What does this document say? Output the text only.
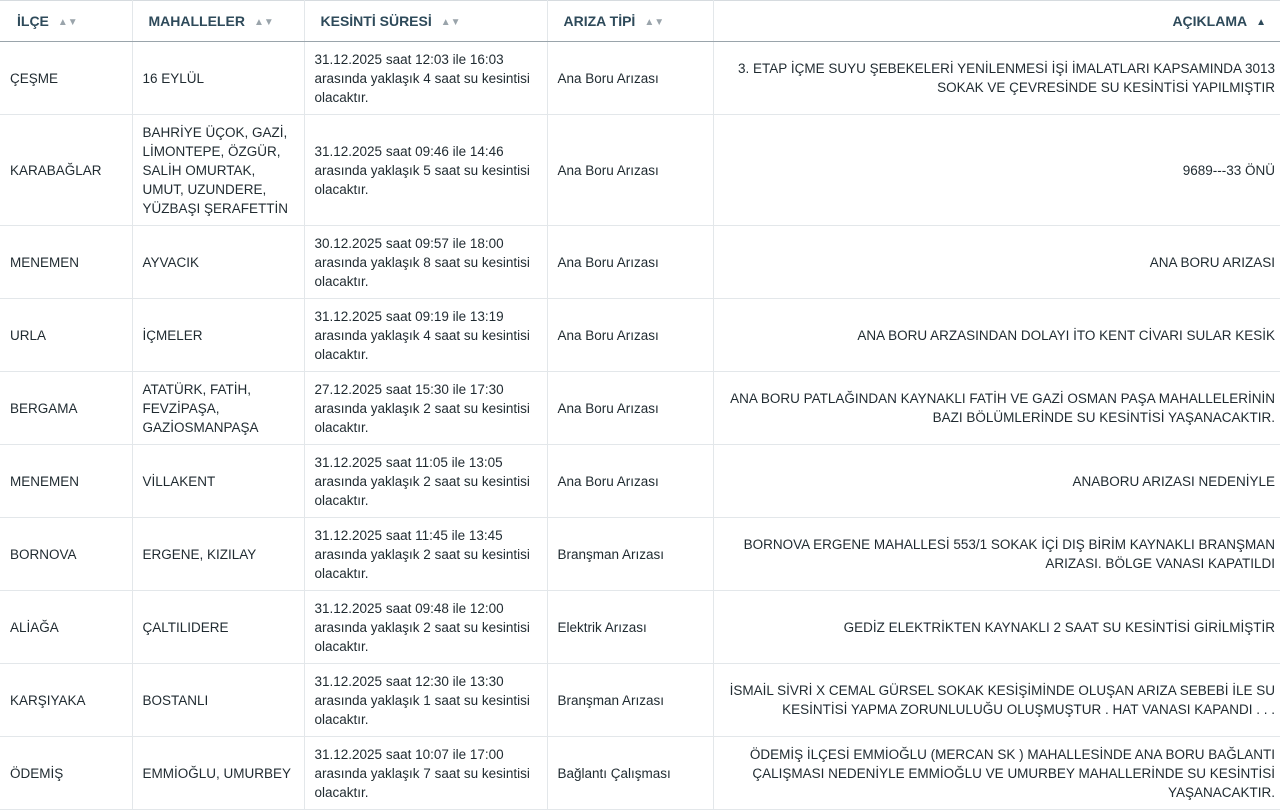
İLÇE ▲▼	MAHALLELER ▲▼	KESİNTİ SÜRESİ ▲▼	ARIZA TİPİ ▲▼	AÇIKLAMA ▲
ÇEŞME	16 EYLÜL	31.12.2025 saat 12:03 ile 16:03 arasında yaklaşık 4 saat su kesintisi olacaktır.	Ana Boru Arızası	3. ETAP İÇME SUYU ŞEBEKELERİ YENİLENMESİ İŞİ İMALATLARI KAPSAMINDA 3013 SOKAK VE ÇEVRESİNDE SU KESİNTİSİ YAPILMIŞTIR
KARABAĞLAR	BAHRİYE ÜÇOK, GAZİ, LİMONTEPE, ÖZGÜR, SALİH OMURTAK, UMUT, UZUNDERE, YÜZBAŞI ŞERAFETTİN	31.12.2025 saat 09:46 ile 14:46 arasında yaklaşık 5 saat su kesintisi olacaktır.	Ana Boru Arızası	9689---33 ÖNÜ
MENEMEN	AYVACIK	30.12.2025 saat 09:57 ile 18:00 arasında yaklaşık 8 saat su kesintisi olacaktır.	Ana Boru Arızası	ANA BORU ARIZASI
URLA	İÇMELER	31.12.2025 saat 09:19 ile 13:19 arasında yaklaşık 4 saat su kesintisi olacaktır.	Ana Boru Arızası	ANA BORU ARZASINDAN DOLAYI İTO KENT CİVARI SULAR KESİK
BERGAMA	ATATÜRK, FATİH, FEVZİPAŞA, GAZİOSMANPAŞA	27.12.2025 saat 15:30 ile 17:30 arasında yaklaşık 2 saat su kesintisi olacaktır.	Ana Boru Arızası	ANA BORU PATLAĞINDAN KAYNAKLI FATİH VE GAZİ OSMAN PAŞA MAHALLELERİNİN BAZI BÖLÜMLERİNDE SU KESİNTİSİ YAŞANACAKTIR.
MENEMEN	VİLLAKENT	31.12.2025 saat 11:05 ile 13:05 arasında yaklaşık 2 saat su kesintisi olacaktır.	Ana Boru Arızası	ANABORU ARIZASI NEDENİYLE
BORNOVA	ERGENE, KIZILAY	31.12.2025 saat 11:45 ile 13:45 arasında yaklaşık 2 saat su kesintisi olacaktır.	Branşman Arızası	BORNOVA ERGENE MAHALLESİ 553/1 SOKAK İÇİ DIŞ BİRİM KAYNAKLI BRANŞMAN ARIZASI. BÖLGE VANASI KAPATILDI
ALİAĞA	ÇALTILIDERE	31.12.2025 saat 09:48 ile 12:00 arasında yaklaşık 2 saat su kesintisi olacaktır.	Elektrik Arızası	GEDİZ ELEKTRİKTEN KAYNAKLI 2 SAAT SU KESİNTİSİ GİRİLMİŞTİR
KARŞIYAKA	BOSTANLI	31.12.2025 saat 12:30 ile 13:30 arasında yaklaşık 1 saat su kesintisi olacaktır.	Branşman Arızası	İSMAİL SİVRİ X CEMAL GÜRSEL SOKAK KESİŞİMİNDE OLUŞAN ARIZA SEBEBİ İLE SU KESİNTİSİ YAPMA ZORUNLULUĞU OLUŞMUŞTUR . HAT VANASI KAPANDI . . .
ÖDEMİŞ	EMMİOĞLU, UMURBEY	31.12.2025 saat 10:07 ile 17:00 arasında yaklaşık 7 saat su kesintisi olacaktır.	Bağlantı Çalışması	ÖDEMİŞ İLÇESİ EMMİOĞLU (MERCAN SK ) MAHALLESİNDE ANA BORU BAĞLANTI ÇALIŞMASI NEDENİYLE EMMİOĞLU VE UMURBEY MAHALLERİNDE SU KESİNTİSİ YAŞANACAKTIR.
